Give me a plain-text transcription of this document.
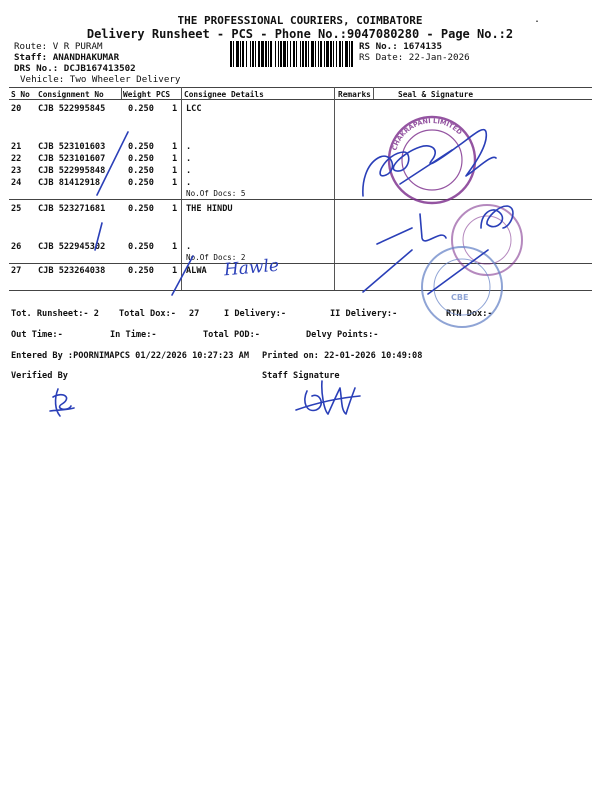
THE PROFESSIONAL COURIERS, COIMBATORE
Delivery Runsheet - PCS - Phone No.:9047080280 - Page No.:2
.
Route: V R PURAM
Staff: ANANDHAKUMAR
DRS No.: DCJB167413502
Vehicle: Two Wheeler Delivery
RS No.: 1674135
RS Date: 22-Jan-2026
S No Consignment No Weight PCS Consignee Details	Remarks	Seal & Signature
20 CJB 522995845	0.250 1 LCC
21 CJB 523101603	0.250 1 .
22 CJB 523101607	0.250 1 .
23 CJB 522995848	0.250 1 .
24 CJB 81412918	0.250 1 .
No.Of Docs: 5
25 CJB 523271681	0.250 1 THE HINDU
26 CJB 522945302	0.250 1 .
No.Of Docs: 2
27 CJB 523264038	0.250 1 ALWA Hawle
Tot. Runsheet:- 2 Total Dox:- 27	I Delivery:-	II Delivery:-	RTN Dox:-
Out Time:-	In Time:-	Total POD:-	Delvy Points:-
Entered By :POORNIMAPCS 01/22/2026 10:27:23 AM Printed on: 22-01-2026 10:49:08
Verified By	Staff Signature
CHAKRAPANI LIMITED
CBE
